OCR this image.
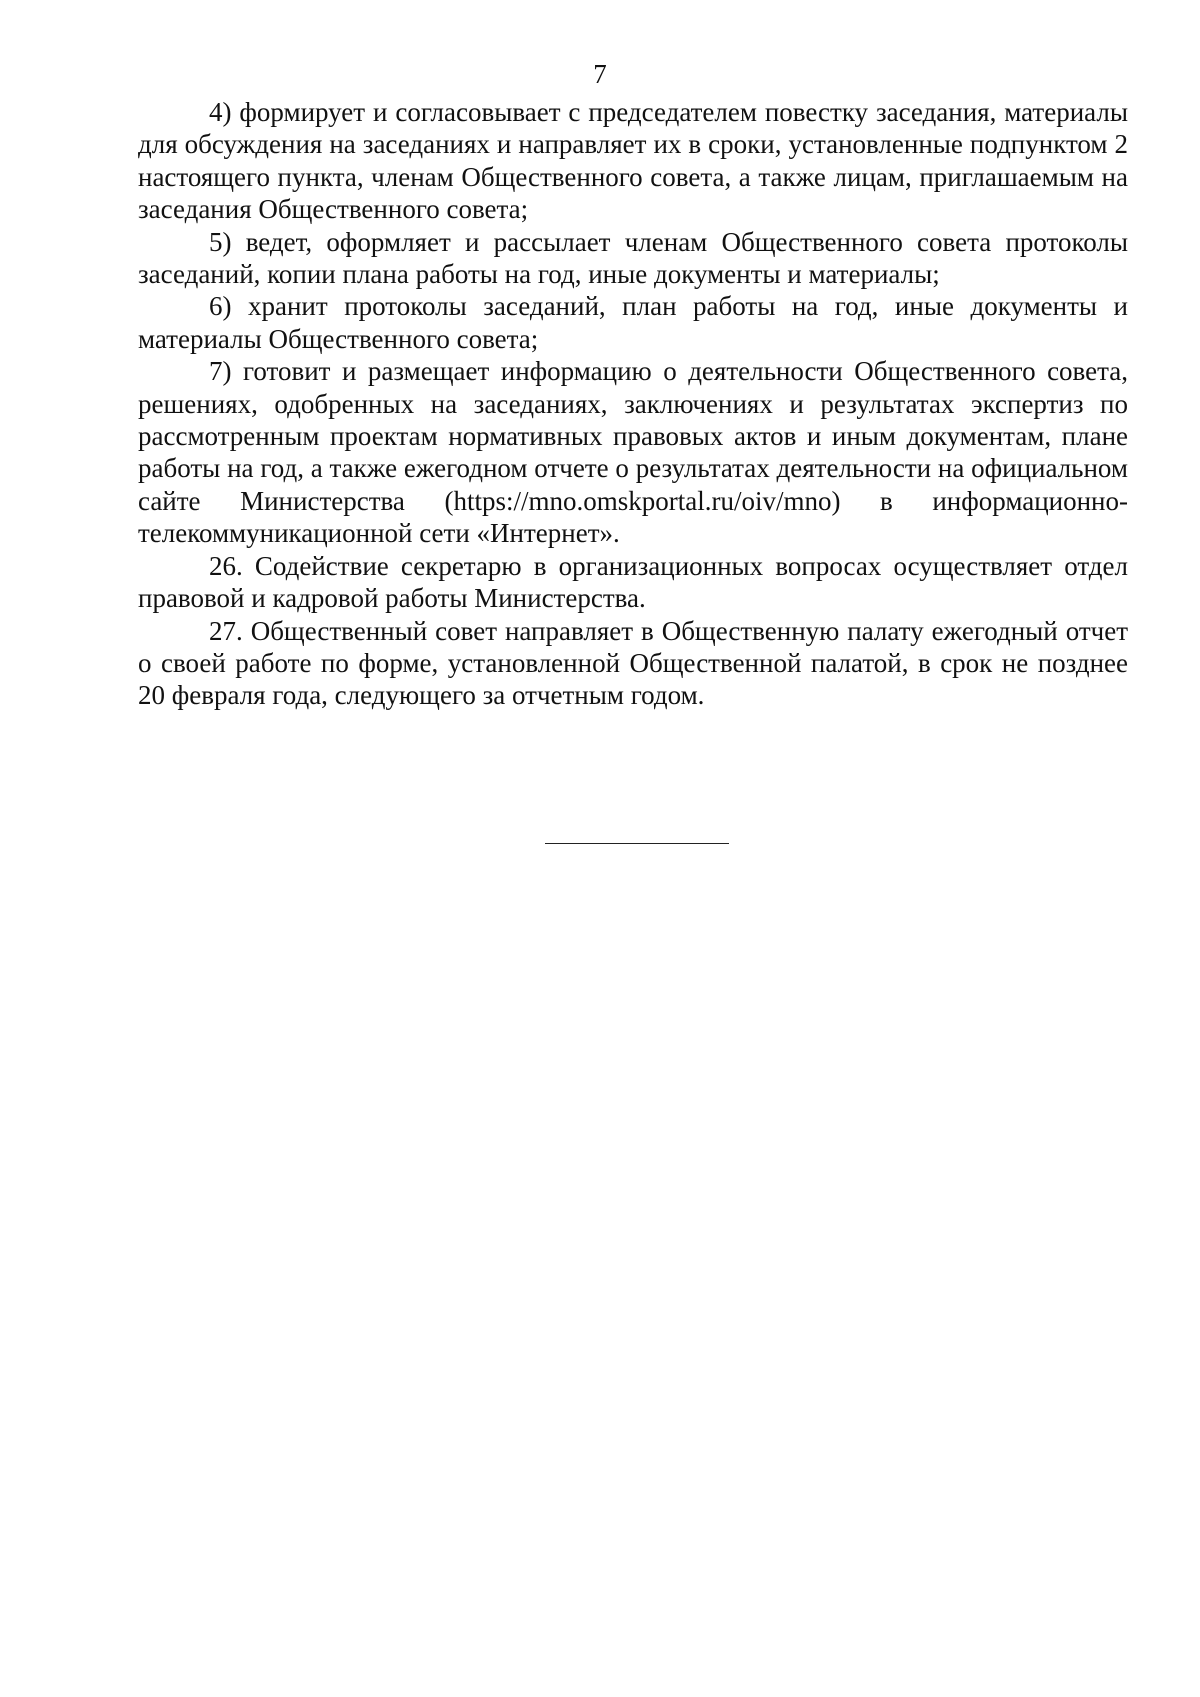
7

4) формирует и согласовывает с председателем повестку заседания, материалы для обсуждения на заседаниях и направляет их в сроки, установленные подпунктом 2 настоящего пункта, членам Общественного совета, а также лицам, приглашаемым на заседания Общественного совета;

5) ведет, оформляет и рассылает членам Общественного совета протоколы заседаний, копии плана работы на год, иные документы и материалы;

6) хранит протоколы заседаний, план работы на год, иные документы и материалы Общественного совета;

7) готовит и размещает информацию о деятельности Общественного совета, решениях, одобренных на заседаниях, заключениях и результатах экспертиз по рассмотренным проектам нормативных правовых актов и иным документам, плане работы на год, а также ежегодном отчете о результатах деятельности на официальном сайте Министерства (https://mno.omskportal.ru/oiv/mno) в информационно-телекоммуникационной сети «Интернет».

26. Содействие секретарю в организационных вопросах осуществляет отдел правовой и кадровой работы Министерства.

27. Общественный совет направляет в Общественную палату ежегодный отчет о своей работе по форме, установленной Общественной палатой, в срок не позднее 20 февраля года, следующего за отчетным годом.
